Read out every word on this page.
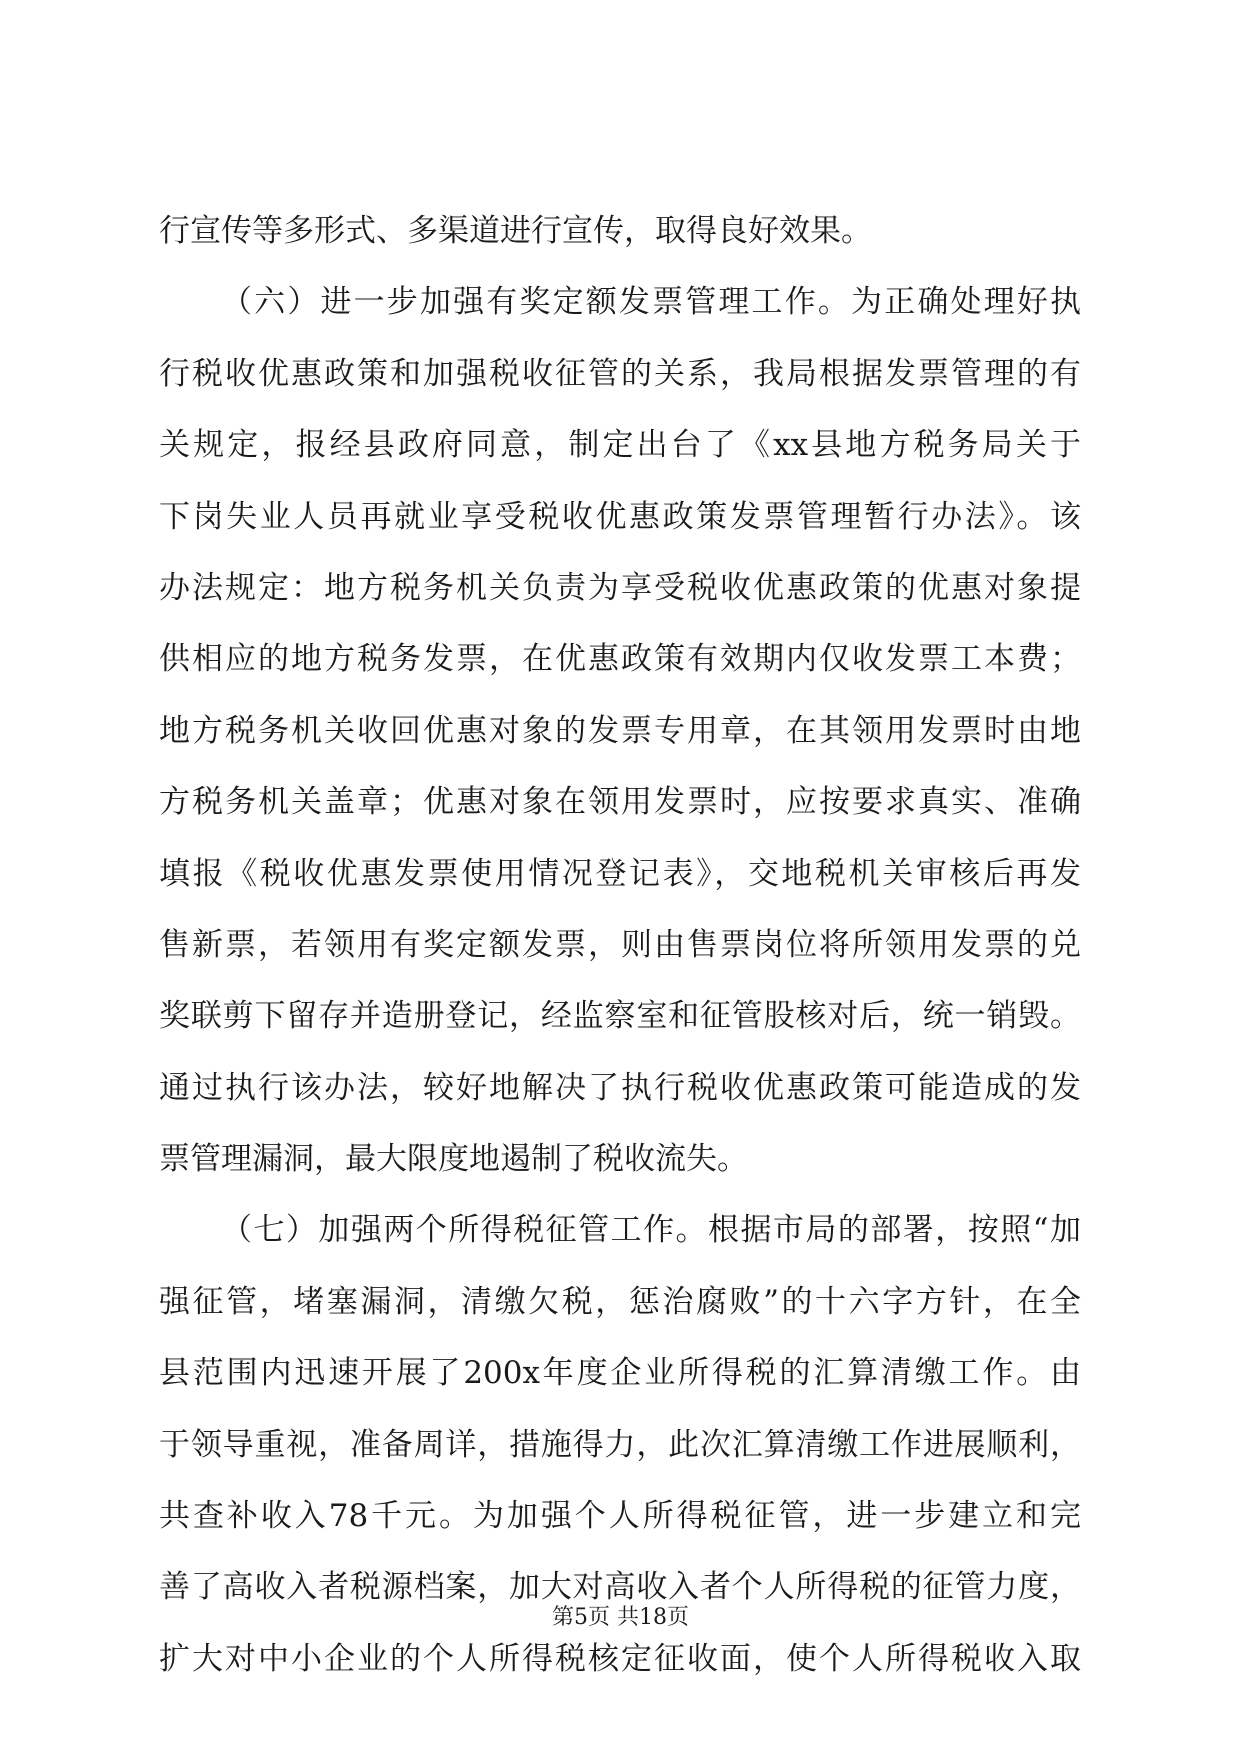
行宣传等多形式、多渠道进行宣传，取得良好效果。
（六）进一步加强有奖定额发票管理工作。为正确处理好执
行税收优惠政策和加强税收征管的关系，我局根据发票管理的有
关规定，报经县政府同意，制定出台了《xx县地方税务局关于
下岗失业人员再就业享受税收优惠政策发票管理暂行办法》。该
办法规定：地方税务机关负责为享受税收优惠政策的优惠对象提
供相应的地方税务发票，在优惠政策有效期内仅收发票工本费；
地方税务机关收回优惠对象的发票专用章，在其领用发票时由地
方税务机关盖章；优惠对象在领用发票时，应按要求真实、准确
填报《税收优惠发票使用情况登记表》，交地税机关审核后再发
售新票，若领用有奖定额发票，则由售票岗位将所领用发票的兑
奖联剪下留存并造册登记，经监察室和征管股核对后，统一销毁。
通过执行该办法，较好地解决了执行税收优惠政策可能造成的发
票管理漏洞，最大限度地遏制了税收流失。
（七）加强两个所得税征管工作。根据市局的部署，按照“加
强征管，堵塞漏洞，清缴欠税，惩治腐败”的十六字方针，在全
县范围内迅速开展了200x年度企业所得税的汇算清缴工作。由
于领导重视，准备周详，措施得力，此次汇算清缴工作进展顺利，
共查补收入78千元。为加强个人所得税征管，进一步建立和完
善了高收入者税源档案，加大对高收入者个人所得税的征管力度，
扩大对中小企业的个人所得税核定征收面，使个人所得税收入取
第5页 共18页
